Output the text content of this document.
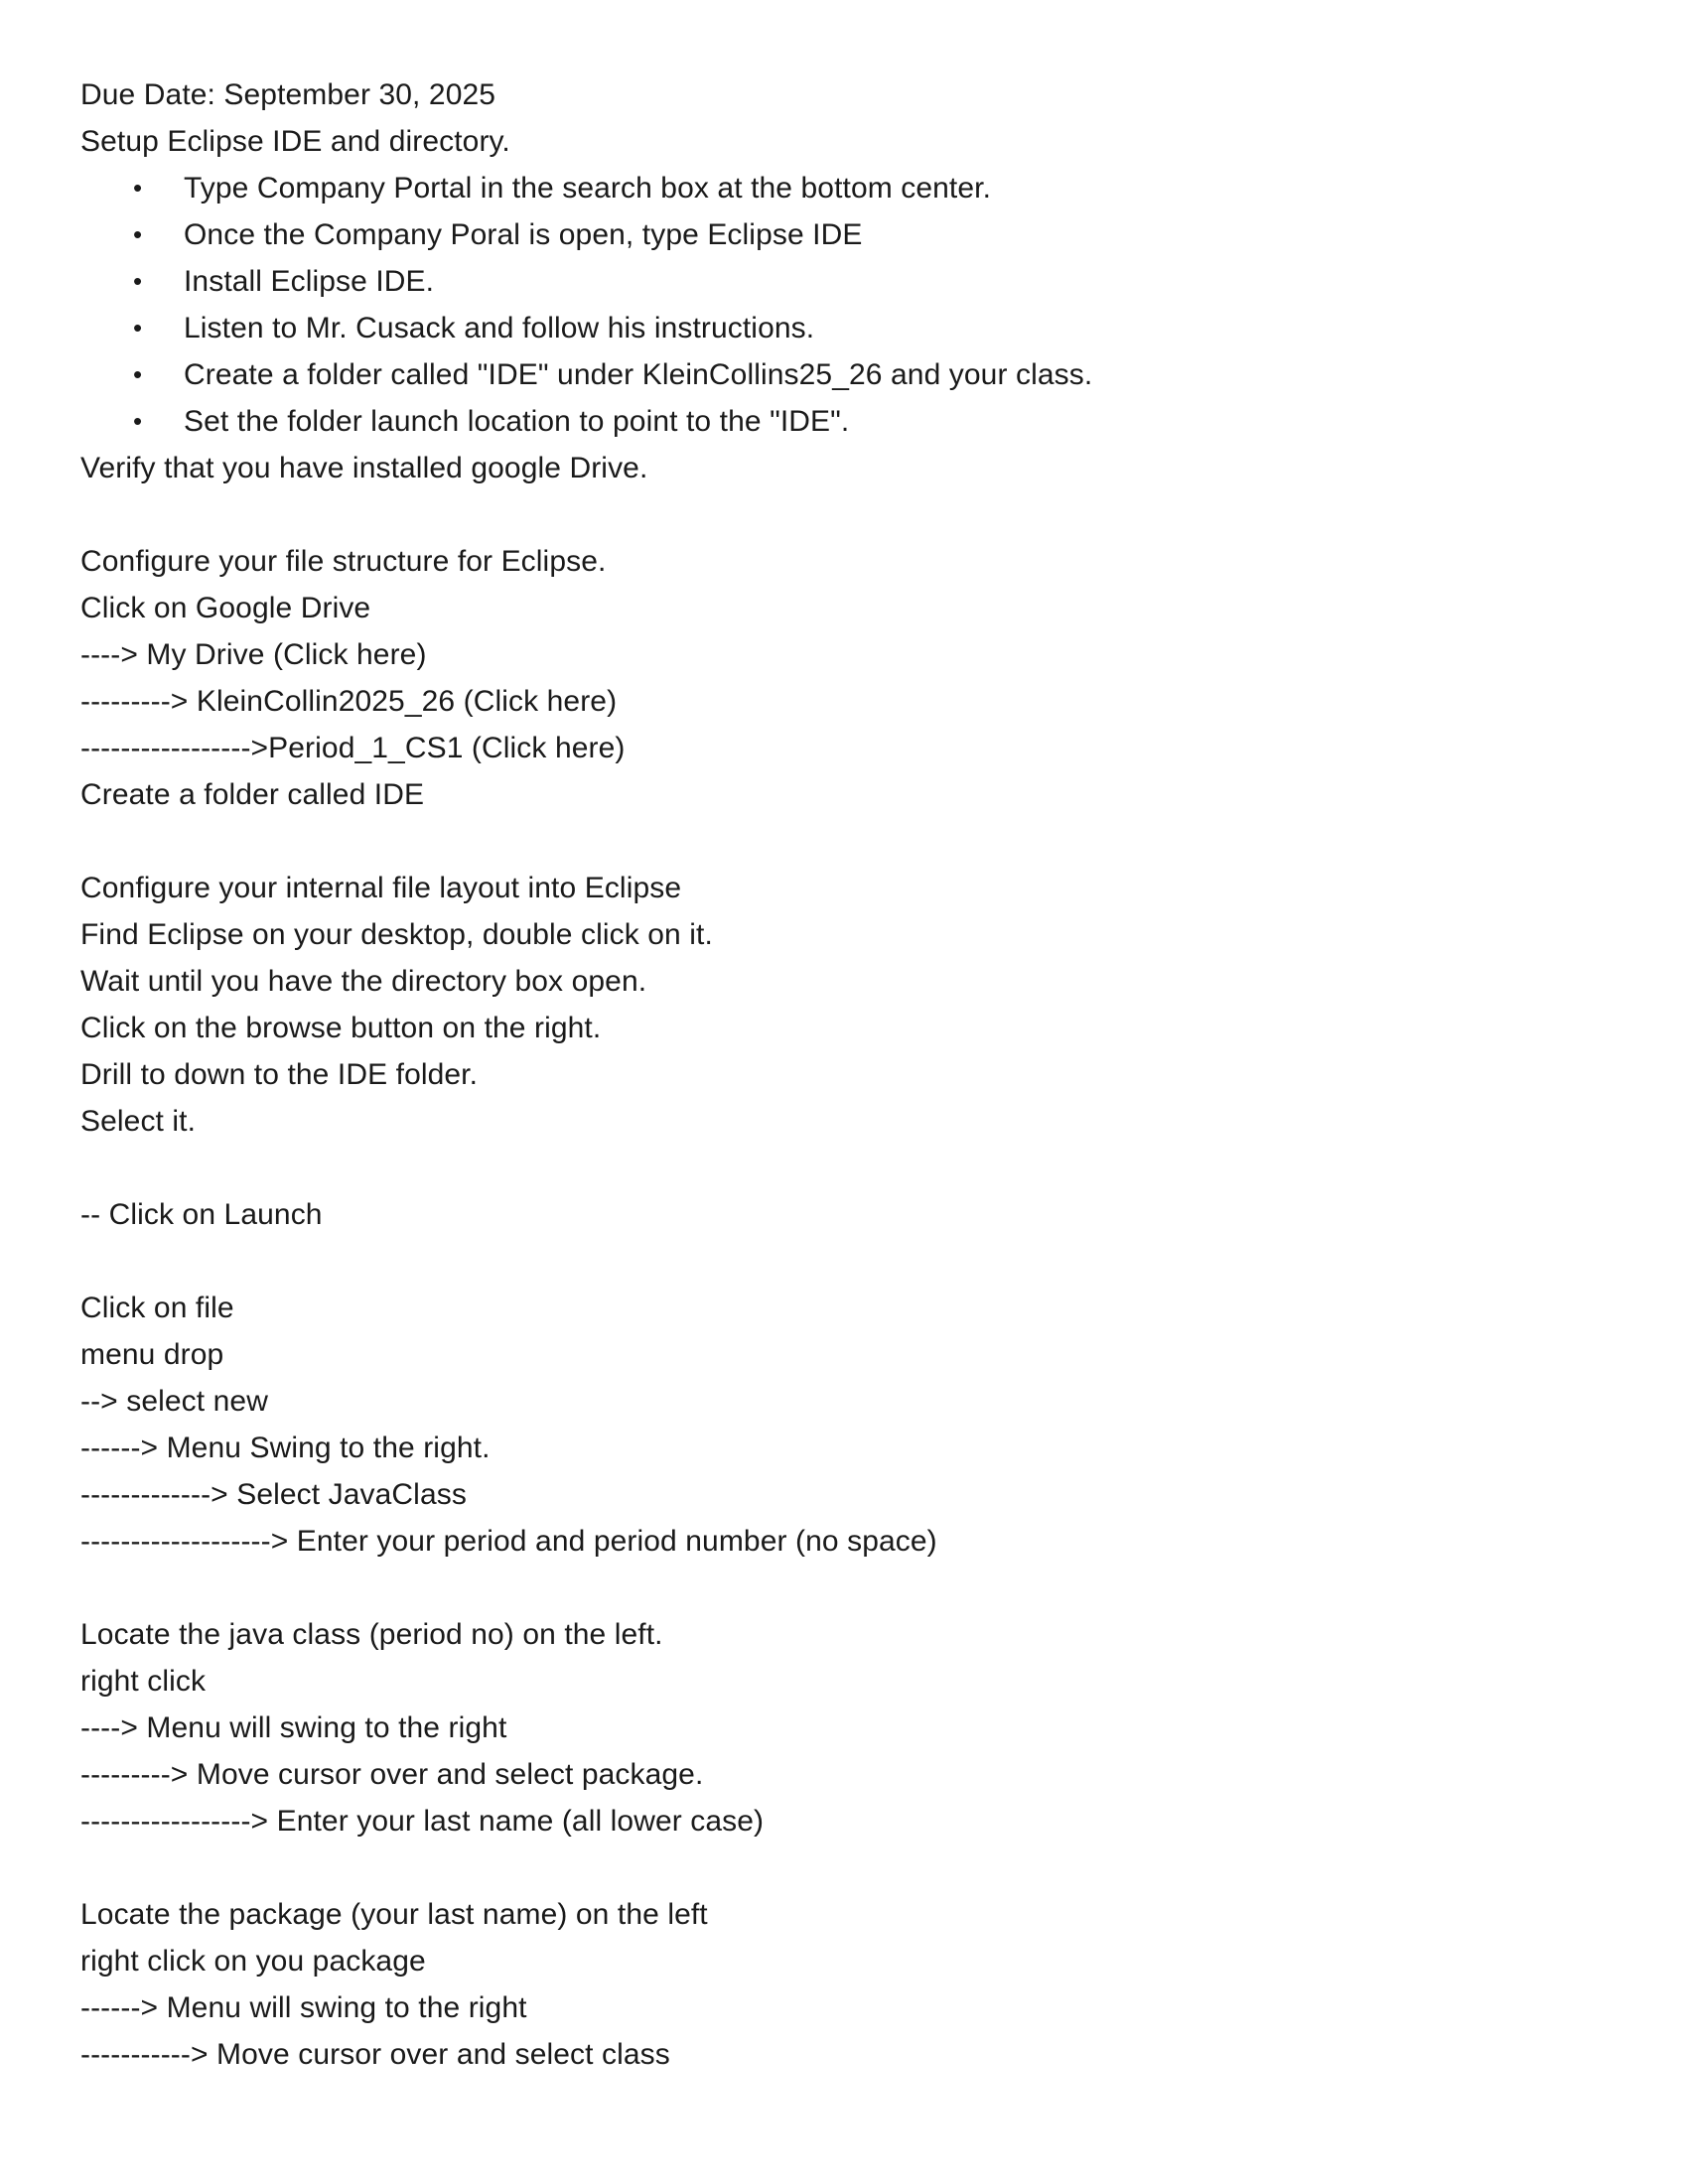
Due Date: September 30, 2025
Setup Eclipse IDE and directory.
•	Type Company Portal in the search box at the bottom center.
•	Once the Company Poral is open, type Eclipse IDE
•	Install Eclipse IDE.
•	Listen to Mr. Cusack and follow his instructions.
•	Create a folder called "IDE" under KleinCollins25_26 and your class.
•	Set the folder launch location to point to the "IDE".
Verify that you have installed google Drive.

Configure your file structure for Eclipse.
Click on Google Drive
----> My Drive (Click here)
---------> KleinCollin2025_26 (Click here)
----------------->Period_1_CS1 (Click here)
Create a folder called IDE

Configure your internal file layout into Eclipse
Find Eclipse on your desktop, double click on it.
Wait until you have the directory box open.
Click on the browse button on the right.
Drill to down to the IDE folder.
Select it.

-- Click on Launch

Click on file
menu drop
--> select new
------> Menu Swing to the right.
-------------> Select JavaClass
-------------------> Enter your period and period number (no space)

Locate the java class (period no) on the left.
right click
----> Menu will swing to the right
---------> Move cursor over and select package.
-----------------> Enter your last name (all lower case)

Locate the package (your last name) on the left
right click on you package
------> Menu will swing to the right
-----------> Move cursor over and select class
